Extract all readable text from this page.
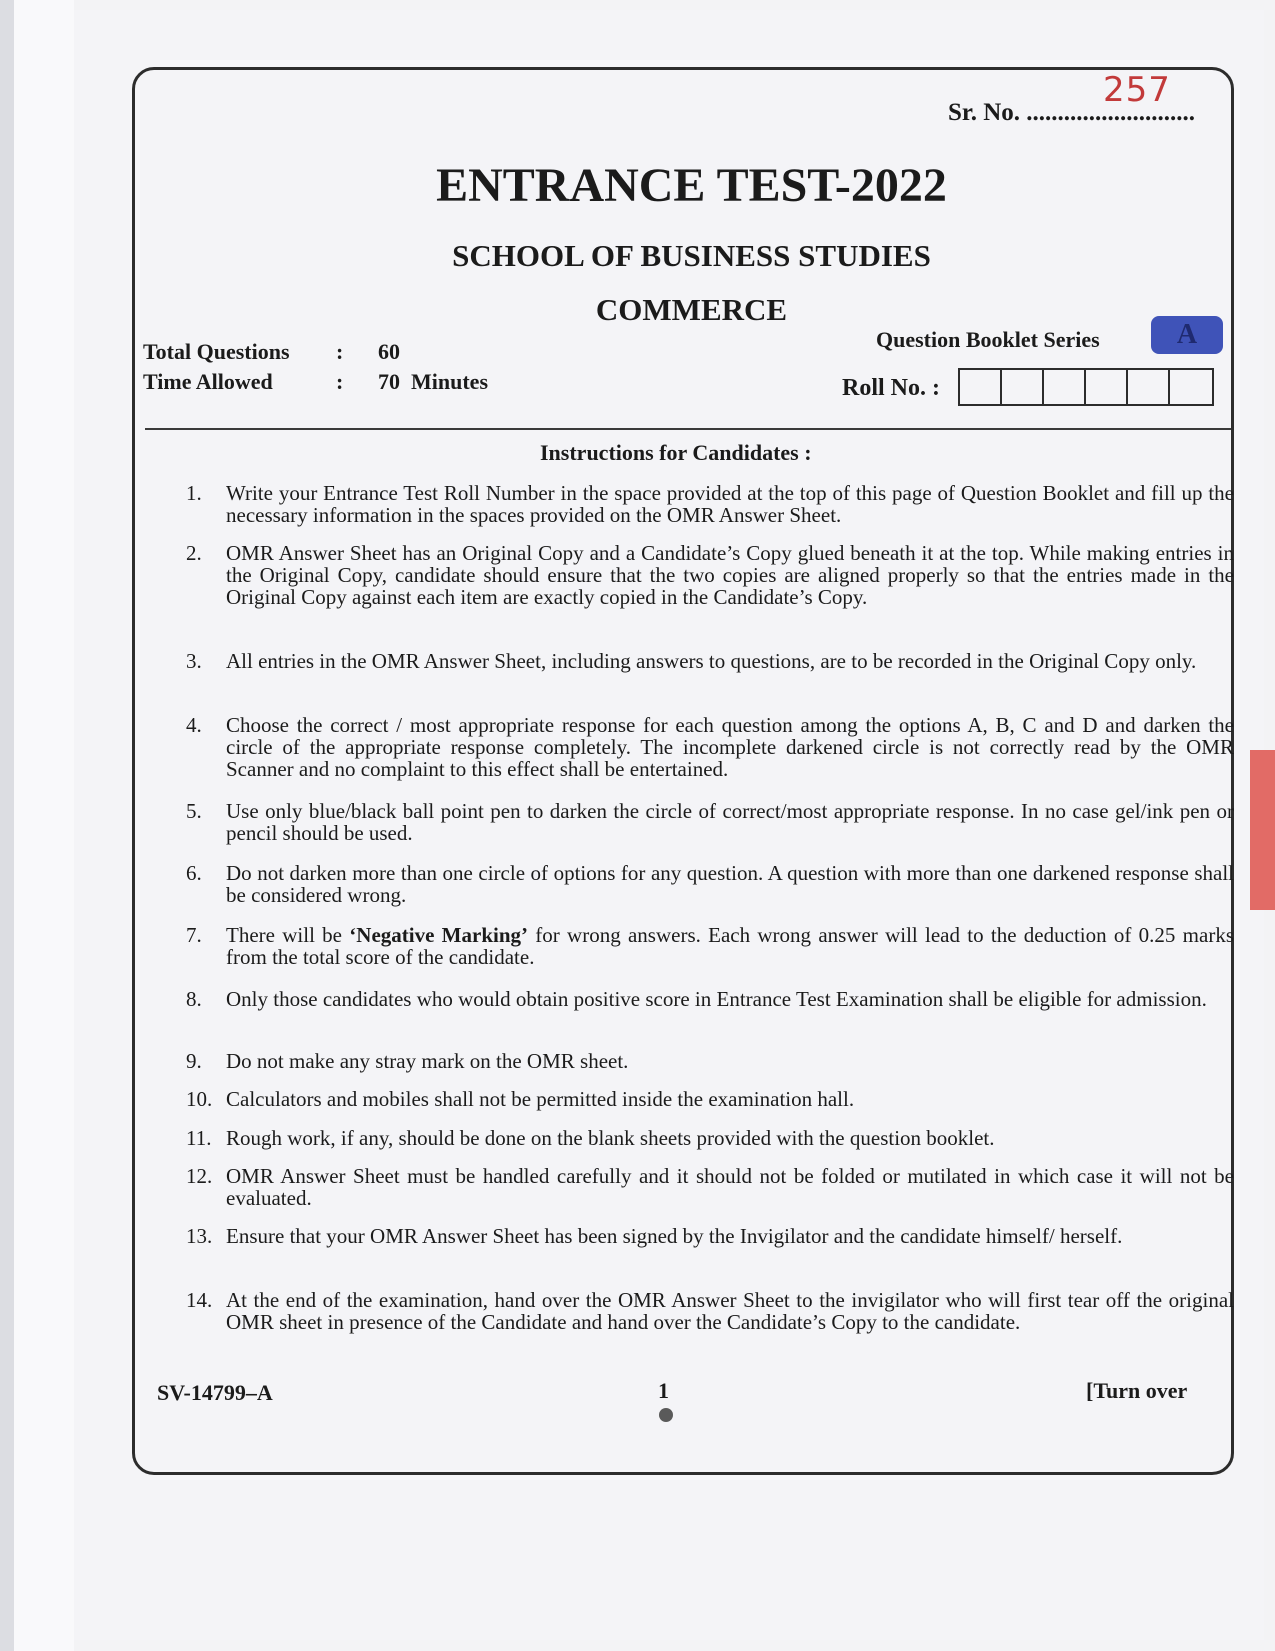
Sr. No. ...........................
257
ENTRANCE TEST-2022
SCHOOL OF BUSINESS STUDIES
COMMERCE
Total Questions : 60
Time Allowed	: 70  Minutes
Question Booklet Series	A
Roll No. :
Instructions for Candidates :
1.	Write your Entrance Test Roll Number in the space provided at the top of this page of Question Booklet and fill up the necessary information in the spaces provided on the OMR Answer Sheet.
2.	OMR Answer Sheet has an Original Copy and a Candidate’s Copy glued beneath it at the top. While making entries in the Original Copy, candidate should ensure that the two copies are aligned properly so that the entries made in the Original Copy against each item are exactly copied in the Candidate’s Copy.
3.	All entries in the OMR Answer Sheet, including answers to questions, are to be recorded in the Original Copy only.
4.	Choose the correct / most appropriate response for each question among the options A, B, C and D and darken the circle of the appropriate response completely. The incomplete darkened circle is not correctly read by the OMR Scanner and no complaint to this effect shall be entertained.
5.	Use only blue/black ball point pen to darken the circle of correct/most appropriate response. In no case gel/ink pen or pencil should be used.
6.	Do not darken more than one circle of options for any question. A question with more than one darkened response shall be considered wrong.
7.	There will be ‘Negative Marking’ for wrong answers. Each wrong answer will lead to the deduction of 0.25 marks from the total score of the candidate.
8.	Only those candidates who would obtain positive score in Entrance Test Examination shall be eligible for admission.
9.	Do not make any stray mark on the OMR sheet.
10. Calculators and mobiles shall not be permitted inside the examination hall.
11. Rough work, if any, should be done on the blank sheets provided with the question booklet.
12. OMR Answer Sheet must be handled carefully and it should not be folded or mutilated in which case it will not be evaluated.
13. Ensure that your OMR Answer Sheet has been signed by the Invigilator and the candidate himself/ herself.
14. At the end of the examination, hand over the OMR Answer Sheet to the invigilator who will first tear off the original OMR sheet in presence of the Candidate and hand over the Candidate’s Copy to the candidate.
SV-14799–A	1	[Turn over
